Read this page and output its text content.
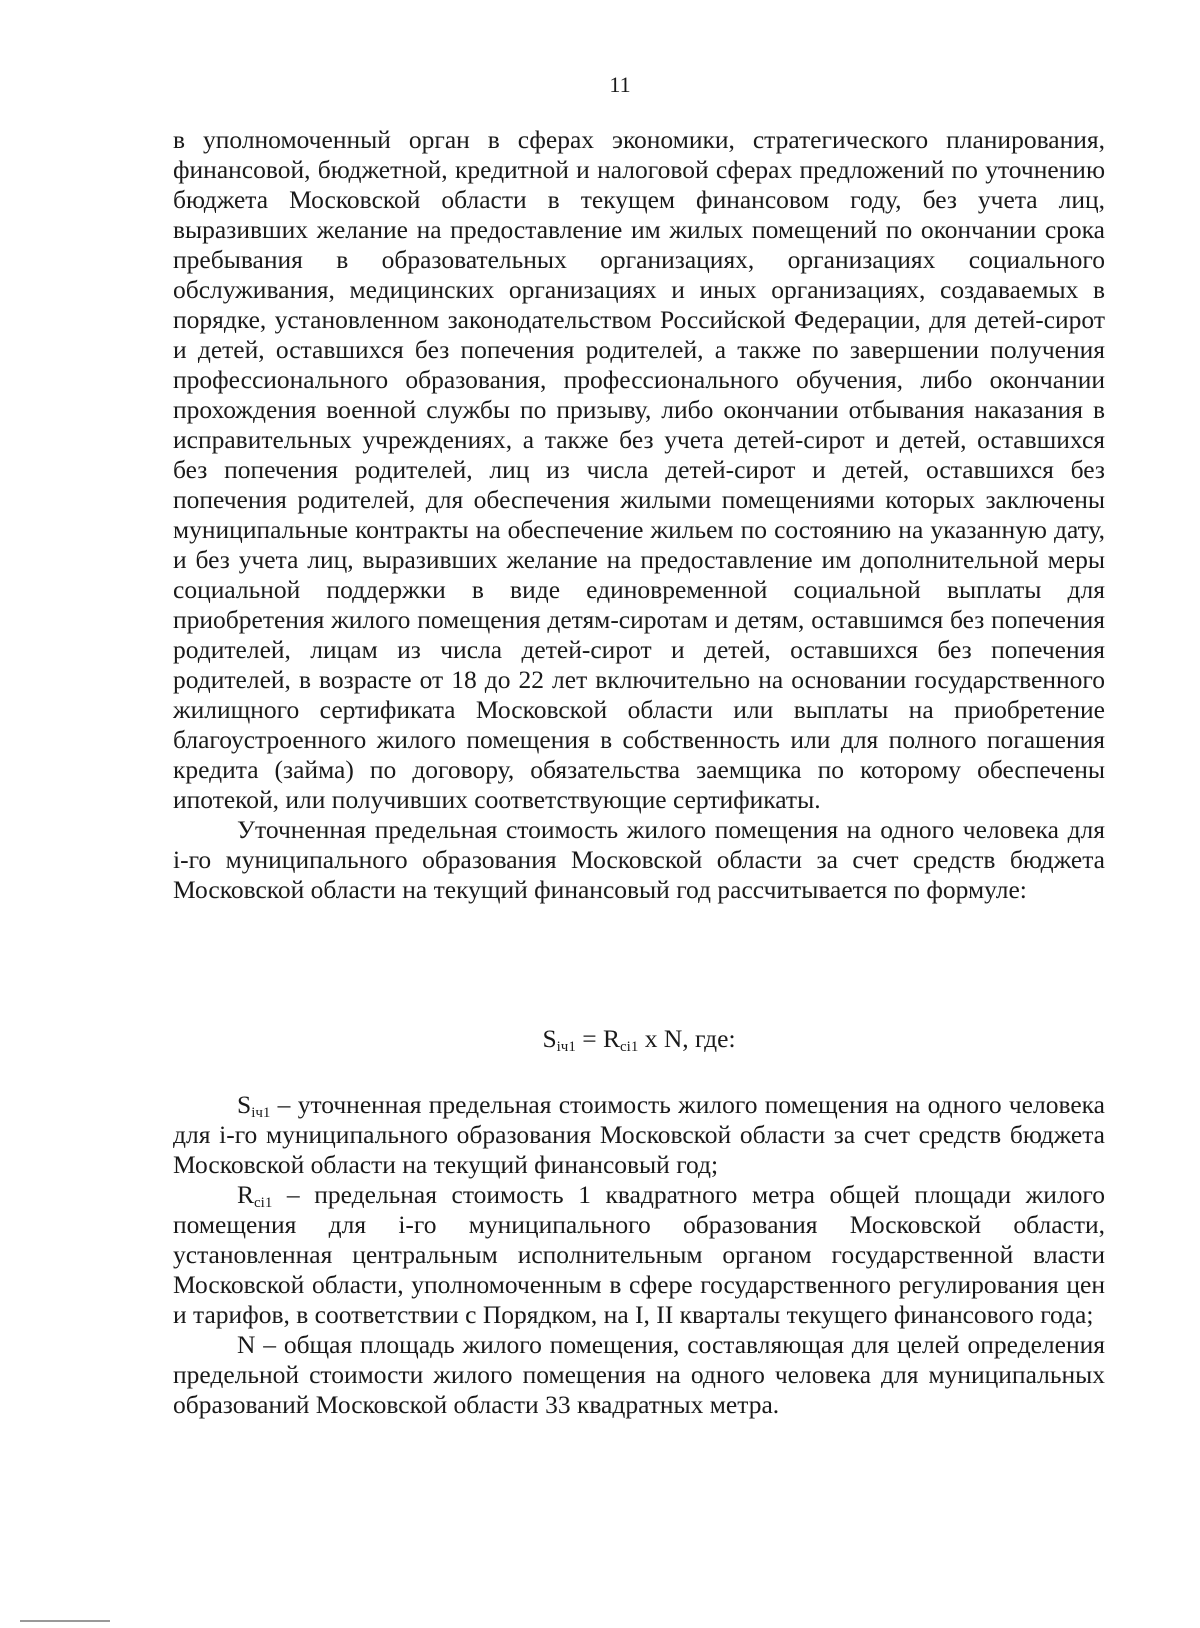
11

в уполномоченный орган в сферах экономики, стратегического планирования, финансовой, бюджетной, кредитной и налоговой сферах предложений по уточнению бюджета Московской области в текущем финансовом году, без учета лиц, выразивших желание на предоставление им жилых помещений по окончании срока пребывания в образовательных организациях, организациях социального обслуживания, медицинских организациях и иных организациях, создаваемых в порядке, установленном законодательством Российской Федерации, для детей-сирот и детей, оставшихся без попечения родителей, а также по завершении получения профессионального образования, профессионального обучения, либо окончании прохождения военной службы по призыву, либо окончании отбывания наказания в исправительных учреждениях, а также без учета детей-сирот и детей, оставшихся без попечения родителей, лиц из числа детей-сирот и детей, оставшихся без попечения родителей, для обеспечения жилыми помещениями которых заключены муниципальные контракты на обеспечение жильем по состоянию на указанную дату, и без учета лиц, выразивших желание на предоставление им дополнительной меры социальной поддержки в виде единовременной социальной выплаты для приобретения жилого помещения детям-сиротам и детям, оставшимся без попечения родителей, лицам из числа детей-сирот и детей, оставшихся без попечения родителей, в возрасте от 18 до 22 лет включительно на основании государственного жилищного сертификата Московской области или выплаты на приобретение благоустроенного жилого помещения в собственность или для полного погашения кредита (займа) по договору, обязательства заемщика по которому обеспечены ипотекой, или получивших соответствующие сертификаты.

Уточненная предельная стоимость жилого помещения на одного человека для i-го муниципального образования Московской области за счет средств бюджета Московской области на текущий финансовый год рассчитывается по формуле:

$S_{iч1} = R_{ci1}$ x N, где:

$S_{iч1}$ – уточненная предельная стоимость жилого помещения на одного человека для i-го муниципального образования Московской области за счет средств бюджета Московской области на текущий финансовый год;

$R_{ci1}$ – предельная стоимость 1 квадратного метра общей площади жилого помещения для i-го муниципального образования Московской области, установленная центральным исполнительным органом государственной власти Московской области, уполномоченным в сфере государственного регулирования цен и тарифов, в соответствии с Порядком, на I, II кварталы текущего финансового года;

N – общая площадь жилого помещения, составляющая для целей определения предельной стоимости жилого помещения на одного человека для муниципальных образований Московской области 33 квадратных метра.
